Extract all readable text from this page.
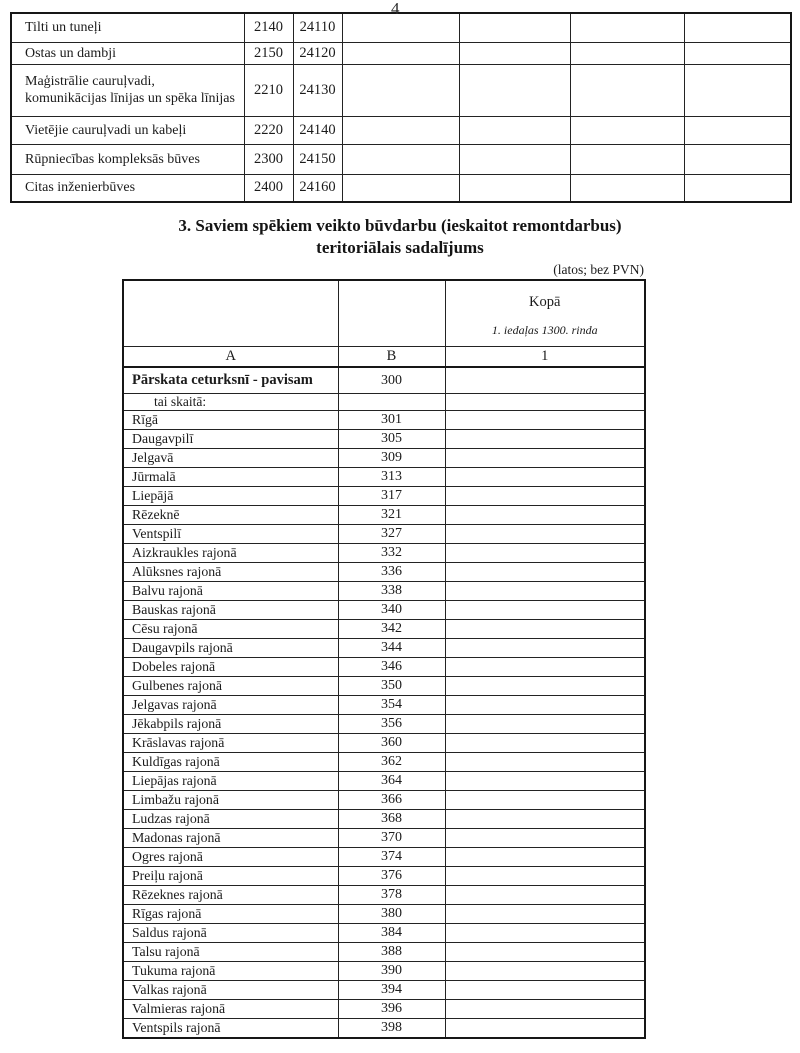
4
Tilti un tuneļi	2140	24110				
Ostas un dambji	2150	24120				
Maģistrālie cauruļvadi, komunikācijas līnijas un spēka līnijas	2210	24130				
Vietējie cauruļvadi un kabeļi	2220	24140				
Rūpniecības kompleksās būves	2300	24150				
Citas inženierbūves	2400	24160				
3. Saviem spēkiem veikto būvdarbu (ieskaitot remontdarbus)
teritoriālais sadalījums
(latos; bez PVN)

		Kopā
1. iedaļas 1300. rinda

A	B	1
Pārskata ceturksnī - pavisam	300	
tai skaitā:		
Rīgā	301	
Daugavpilī	305	
Jelgavā	309	
Jūrmalā	313	
Liepājā	317	
Rēzeknē	321	
Ventspilī	327	
Aizkraukles rajonā	332	
Alūksnes rajonā	336	
Balvu rajonā	338	
Bauskas rajonā	340	
Cēsu rajonā	342	
Daugavpils rajonā	344	
Dobeles rajonā	346	
Gulbenes rajonā	350	
Jelgavas rajonā	354	
Jēkabpils rajonā	356	
Krāslavas rajonā	360	
Kuldīgas rajonā	362	
Liepājas rajonā	364	
Limbažu rajonā	366	
Ludzas rajonā	368	
Madonas rajonā	370	
Ogres rajonā	374	
Preiļu rajonā	376	
Rēzeknes rajonā	378	
Rīgas rajonā	380	
Saldus rajonā	384	
Talsu rajonā	388	
Tukuma rajonā	390	
Valkas rajonā	394	
Valmieras rajonā	396	
Ventspils rajonā	398	
